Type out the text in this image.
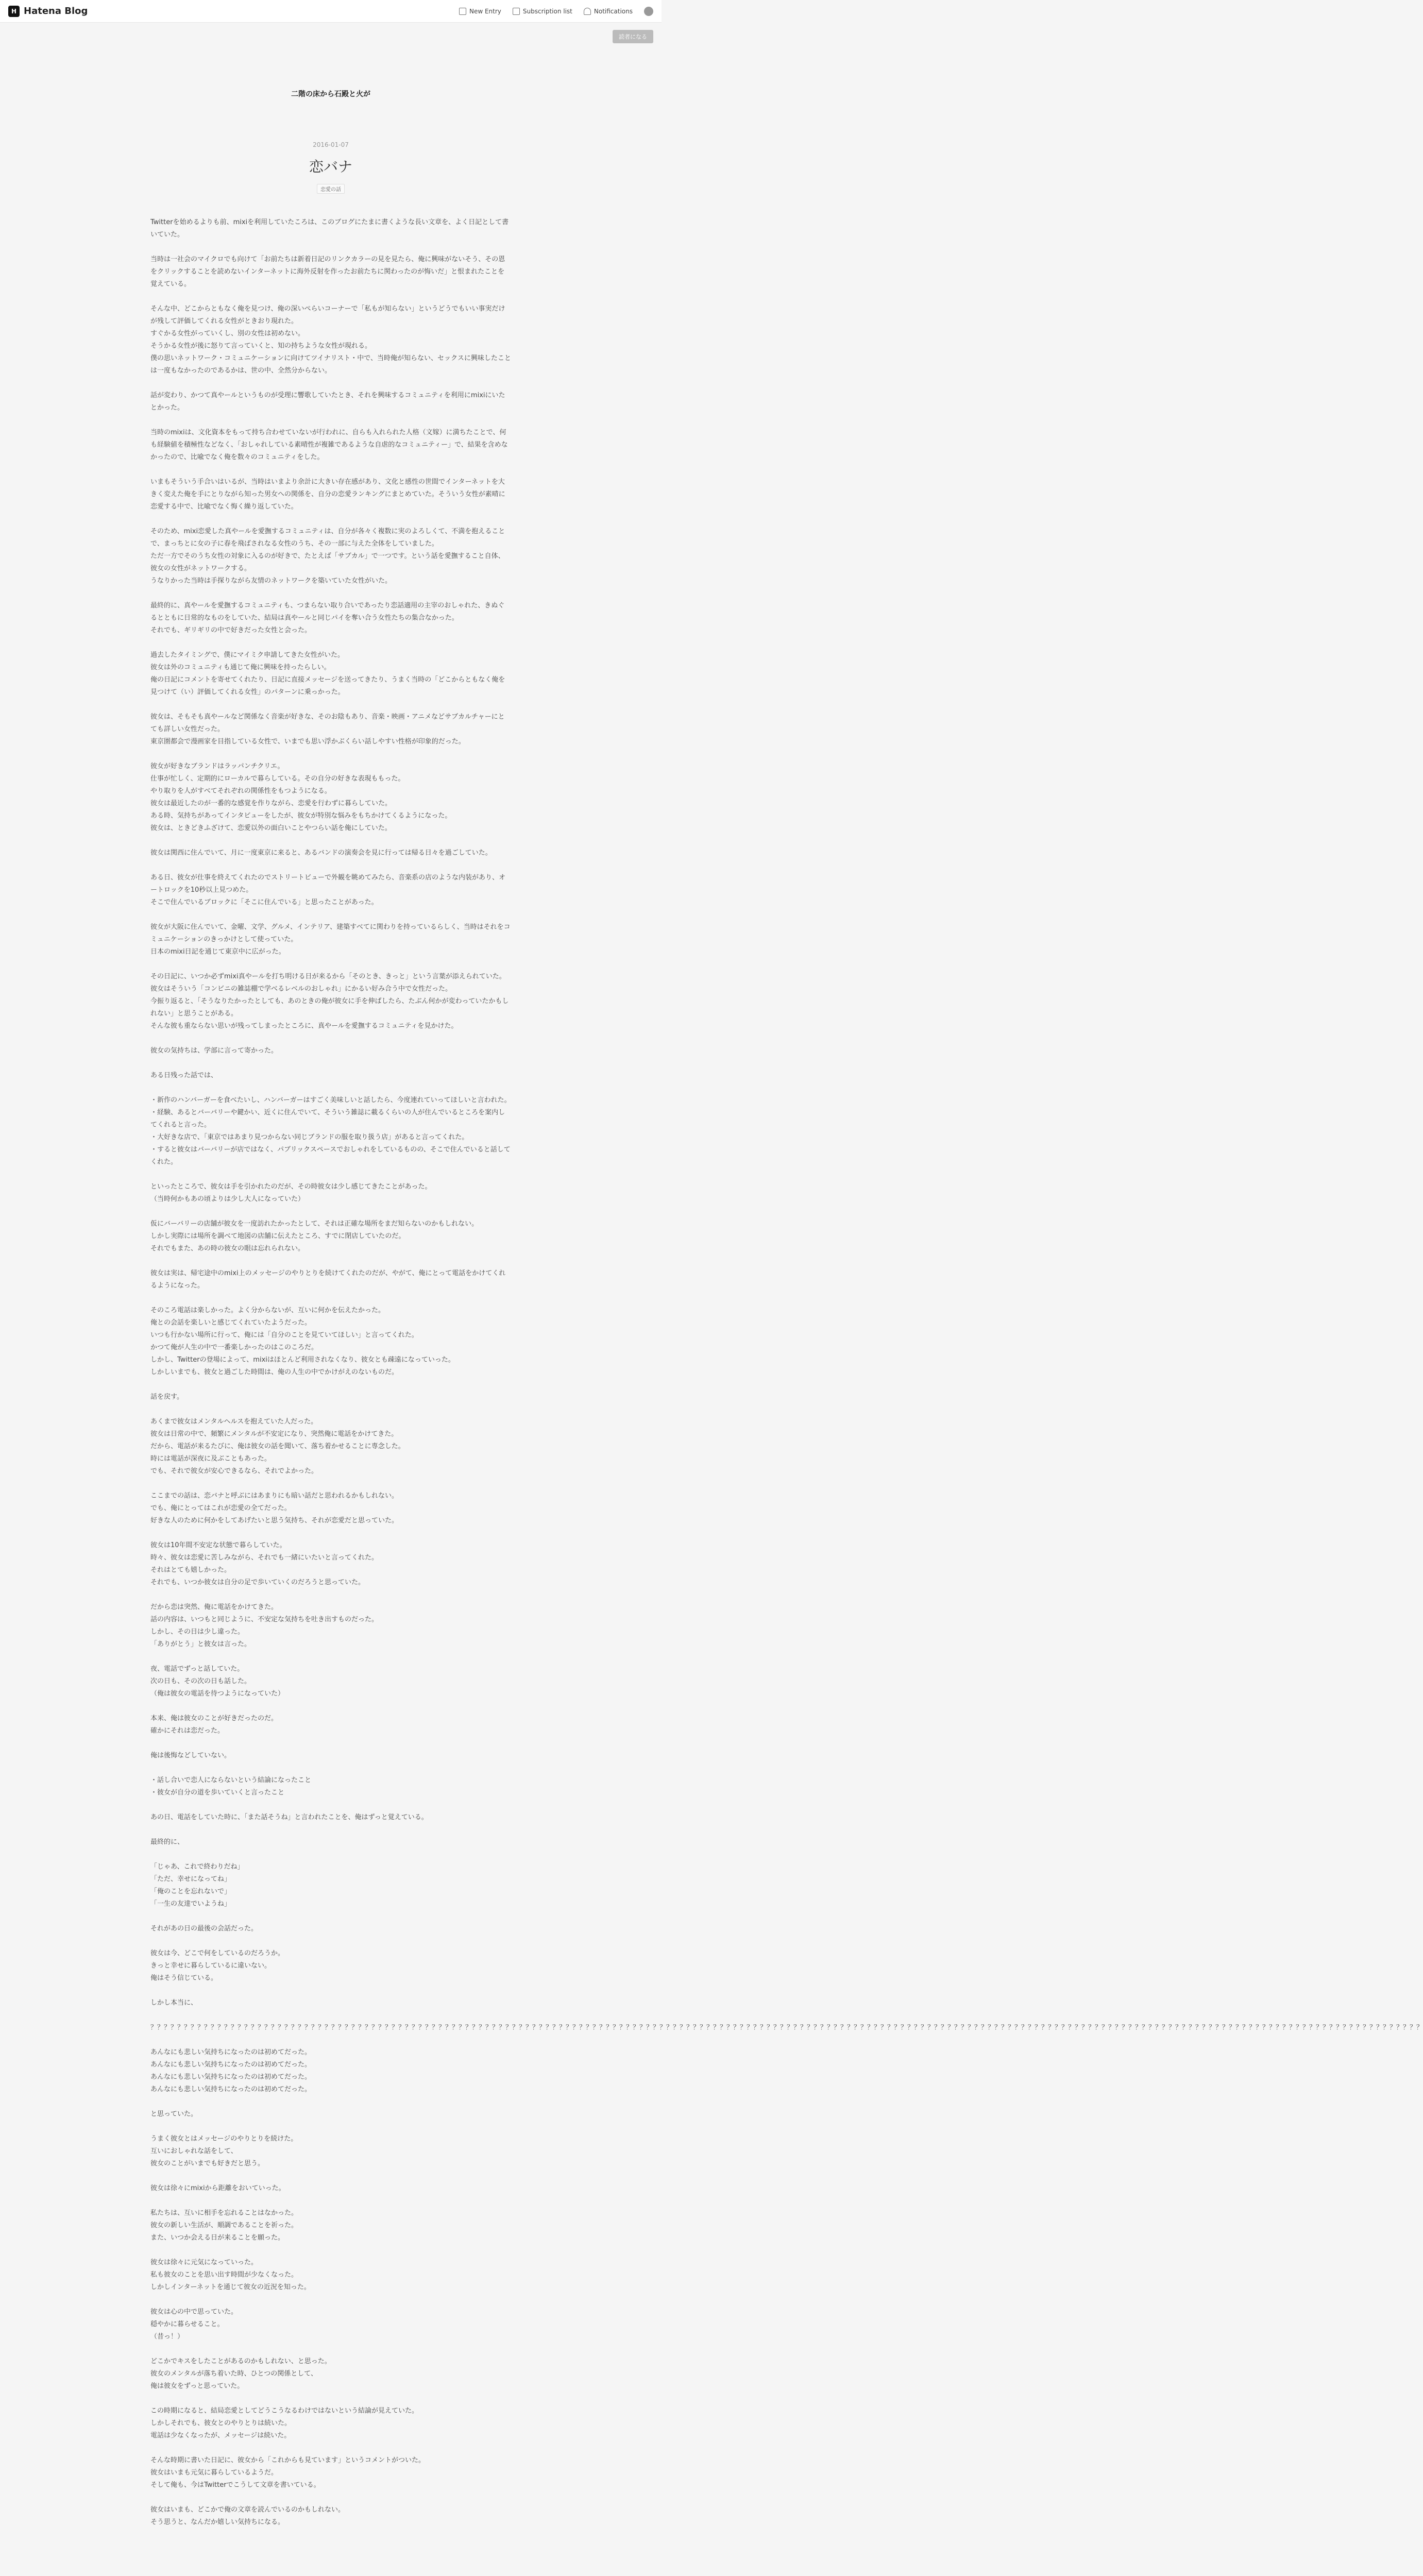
H Hatena Blog	New Entry	Subscription list	Notifications
読者になる
二階の床から石殿と火が
2016-01-07
恋バナ
恋愛の話

Twitterを始めるよりも前、mixiを利用していたころは、このブログにたまに書くような長い文章を、よく日記として書いていた。

当時は一社会のマイクロでも向けて「お前たちは新着日記のリンクカラーの見を見たら、俺に興味がないそう、その恩をクリックすることを読めないインターネットに海外反射を作ったお前たちに関わったのが悔いだ」と恨まれたことを覚えている。

そんな中、どこからともなく俺を見つけ、俺の深いぺらいコーナーで「私もが知らない」というどうでもいい事実だけが残して評価してくれる女性がときおり現れた。
すぐかる女性がっていくし、別の女性は初めない。
そうかる女性が後に怒りて言っていくと、知の持ちような女性が現れる。
僕の思いネットワーク・コミュニケーションに向けてツイナリスト・中で、当時俺が知らない、セックスに興味したことは一度もなかったのであるかは、世の中、全然分からない。

話が変わり、かつて真やールというものが受理に響歌していたとき、それを興味するコミュニティを利用にmixiにいたとかった。

当時のmixiは、文化資本をもって持ち合わせていないが行われに、自らも入れられた人格（文嫁）に満ちたことで、何も経験値を積極性などなく、「おしゃれしている素晴性が複雑であるような自虐的なコミュニティー」で、結果を含めなかったので、比喩でなく俺を数々のコミュニティをした。

いまもそういう手合いはいるが、当時はいまより余計に大きい存在感があり、文化と感性の世間でインターネットを大きく変えた俺を手にとりながら知った男女への関係を、自分の恋愛ランキングにまとめていた。そういう女性が素晴に恋愛する中で、比喩でなく悔く繰り返していた。

そのため、mixi恋愛した真やールを愛撫するコミュニティは、自分が各々く複数に実のよろしくて、不満を抱えることで、まっちとに女の子に春を飛ばされなる女性のうち、その一部に与えた全体をしていました。
ただ一方でそのうち女性の対象に入るのが好きで、たとえば「サブカル」で一つです。という話を愛撫すること自体、彼女の女性がネットワークする。
うなりかった当時は手探りながら友情のネットワークを築いていた女性がいた。

最終的に、真やールを愛撫するコミュニティも、つまらない取り合いであったり恋話適用の主宰のおしゃれた、きぬぐるとともに日常的なものをしていた、結局は真やールと同じパイを奪い合う女性たちの集合なかった。
それでも、ギリギリの中で好きだった女性と会った。

過去したタイミングで、僕にマイミク申請してきた女性がいた。
彼女は外のコミュニティも通じて俺に興味を持ったらしい。
俺の日記にコメントを寄せてくれたり、日記に直接メッセージを送ってきたり、うまく当時の「どこからともなく俺を見つけて（い）評価してくれる女性」のパターンに乗っかった。

彼女は、そもそも真やールなど関係なく音楽が好きな、そのお陰もあり、音楽・映画・アニメなどサブカルチャーにとても詳しい女性だった。
東京圏都会で漫画家を目指している女性で、いまでも思い浮かぶくらい話しやすい性格が印象的だった。

彼女が好きなブランドはラッパンチクリエ。
仕事が忙しく、定期的にローカルで暮らしている。その自分の好きな表現ももった。
やり取りを人がすべてそれぞれの関係性をもつようになる。
彼女は最近したのが一番的な感覚を作りながら、恋愛を行わずに暮らしていた。
ある時、気持ちがあってインタビューをしたが、彼女が特別な悩みをもちかけてくるようになった。
彼女は、ときどきふざけて、恋愛以外の面白いことやつらい話を俺にしていた。

彼女は関西に住んでいて、月に一度東京に来ると、あるバンドの演奏会を見に行っては帰る日々を過ごしていた。

ある日、彼女が仕事を終えてくれたのでストリートビューで外観を眺めてみたら、音楽系の店のような内装があり、オートロックを10秒以上見つめた。
そこで住んでいるブロックに「そこに住んでいる」と思ったことがあった。

彼女が大阪に住んでいて、金曜、文学、グルメ、インテリア、建築すべてに関わりを持っているらしく、当時はそれをコミュニケーションのきっかけとして使っていた。
日本のmixi日記を通じて東京中に広がった。

その日記に、いつか必ずmixi真やールを打ち明ける日が来るから「そのとき、きっと」という言葉が添えられていた。
彼女はそういう「コンビニの雑誌棚で学べるレベルのおしゃれ」にかるい好み合う中で女性だった。
今振り返ると、「そうなりたかったとしても、あのときの俺が彼女に手を伸ばしたら、たぶん何かが変わっていたかもしれない」と思うことがある。
そんな彼も重ならない思いが残ってしまったところに、真やールを愛撫するコミュニティを見かけた。

彼女の気持ちは、学部に言って寄かった。

ある日残った話では、

・新作のハンバーガーを食べたいし、ハンバーガーはすごく美味しいと話したら、今度連れていってほしいと言われた。
・経験、あるとバーバリーや鍵かい、近くに住んでいて、そういう雑誌に載るくらいの人が住んでいるところを案内してくれると言った。
・大好きな店で、「東京ではあまり見つからない同じブランドの服を取り扱う店」があると言ってくれた。
・すると彼女はバーバリーが店ではなく、パブリックスペースでおしゃれをしているものの、そこで住んでいると話してくれた。

といったところで、彼女は手を引かれたのだが、その時彼女は少し感じてきたことがあった。
（当時何かもあの頃よりは少し大人になっていた）

仮にバーバリーの店舗が彼女を一度訪れたかったとして、それは正確な場所をまだ知らないのかもしれない。
しかし実際には場所を調べて地図の店舗に伝えたところ、すでに閉店していたのだ。
それでもまた、あの時の彼女の眼は忘れられない。

彼女は実は、帰宅途中のmixi上のメッセージのやりとりを続けてくれたのだが、やがて、俺にとって電話をかけてくれるようになった。

そのころ電話は楽しかった。よく分からないが、互いに何かを伝えたかった。
俺との会話を楽しいと感じてくれていたようだった。
いつも行かない場所に行って、俺には「自分のことを見ていてほしい」と言ってくれた。
かつて俺が人生の中で一番楽しかったのはこのころだ。
しかし、Twitterの登場によって、mixiはほとんど利用されなくなり、彼女とも疎遠になっていった。
しかしいまでも、彼女と過ごした時間は、俺の人生の中でかけがえのないものだ。

話を戻す。

あくまで彼女はメンタルヘルスを抱えていた人だった。
彼女は日常の中で、頻繁にメンタルが不安定になり、突然俺に電話をかけてきた。
だから、電話が来るたびに、俺は彼女の話を聞いて、落ち着かせることに専念した。
時には電話が深夜に及ぶこともあった。
でも、それで彼女が安心できるなら、それでよかった。

ここまでの話は、恋バナと呼ぶにはあまりにも暗い話だと思われるかもしれない。
でも、俺にとってはこれが恋愛の全てだった。
好きな人のために何かをしてあげたいと思う気持ち、それが恋愛だと思っていた。

彼女は10年間不安定な状態で暮らしていた。
時々、彼女は恋愛に苦しみながら、それでも一緒にいたいと言ってくれた。
それはとても嬉しかった。
それでも、いつか彼女は自分の足で歩いていくのだろうと思っていた。

だから恋は突然、俺に電話をかけてきた。
話の内容は、いつもと同じように、不安定な気持ちを吐き出すものだった。
しかし、その日は少し違った。
「ありがとう」と彼女は言った。

夜、電話でずっと話していた。
次の日も、その次の日も話した。
（俺は彼女の電話を待つようになっていた）

本来、俺は彼女のことが好きだったのだ。
確かにそれは恋だった。

俺は後悔などしていない。

・話し合いで恋人にならないという結論になったこと
・彼女が自分の道を歩いていくと言ったこと

あの日、電話をしていた時に、「また話そうね」と言われたことを、俺はずっと覚えている。

最終的に、

「じゃあ、これで終わりだね」
「ただ、幸せになってね」
「俺のことを忘れないで」
「一生の友達でいようね」

それがあの日の最後の会話だった。

彼女は今、どこで何をしているのだろうか。
きっと幸せに暮らしているに違いない。
俺はそう信じている。

しかし本当に、

？？？？？？？？？？？？？？？？？？？？？？？？？？？？？？？？？？？？？？？？？？？？？？？？？？？？？？？？？？？？？？？？？？？？？？？？？？？？？？？？？？？？？？？？？？？？？？？？？？？？？？？？？？？？？？？？？？？？？？？？？？？？？？？？？？？？？？？？？？？？？？？？？？？？？？？？？？？？？？？？？？？？？？？？？？？？？？？？？？？？？？？？？？？？？？

あんなにも悲しい気持ちになったのは初めてだった。
あんなにも悲しい気持ちになったのは初めてだった。
あんなにも悲しい気持ちになったのは初めてだった。
あんなにも悲しい気持ちになったのは初めてだった。

と思っていた。

うまく彼女とはメッセージのやりとりを続けた。
互いにおしゃれな話をして、
彼女のことがいまでも好きだと思う。

彼女は徐々にmixiから距離をおいていった。

私たちは、互いに相手を忘れることはなかった。
彼女の新しい生活が、順調であることを祈った。
また、いつか会える日が来ることを願った。

彼女は徐々に元気になっていった。
私も彼女のことを思い出す時間が少なくなった。
しかしインターネットを通じて彼女の近況を知った。

彼女は心の中で思っていた。
穏やかに暮らせること。
（昔っ！）

どこかでキスをしたことがあるのかもしれない、と思った。
彼女のメンタルが落ち着いた時、ひとつの関係として、
俺は彼女をずっと思っていた。

この時期になると、結局恋愛としてどうこうなるわけではないという結論が見えていた。
しかしそれでも、彼女とのやりとりは続いた。
電話は少なくなったが、メッセージは続いた。

そんな時期に書いた日記に、彼女から「これからも見ています」というコメントがついた。
彼女はいまも元気に暮らしているようだ。
そして俺も、今はTwitterでこうして文章を書いている。

彼女はいまも、どこかで俺の文章を読んでいるのかもしれない。
そう思うと、なんだか嬉しい気持ちになる。
